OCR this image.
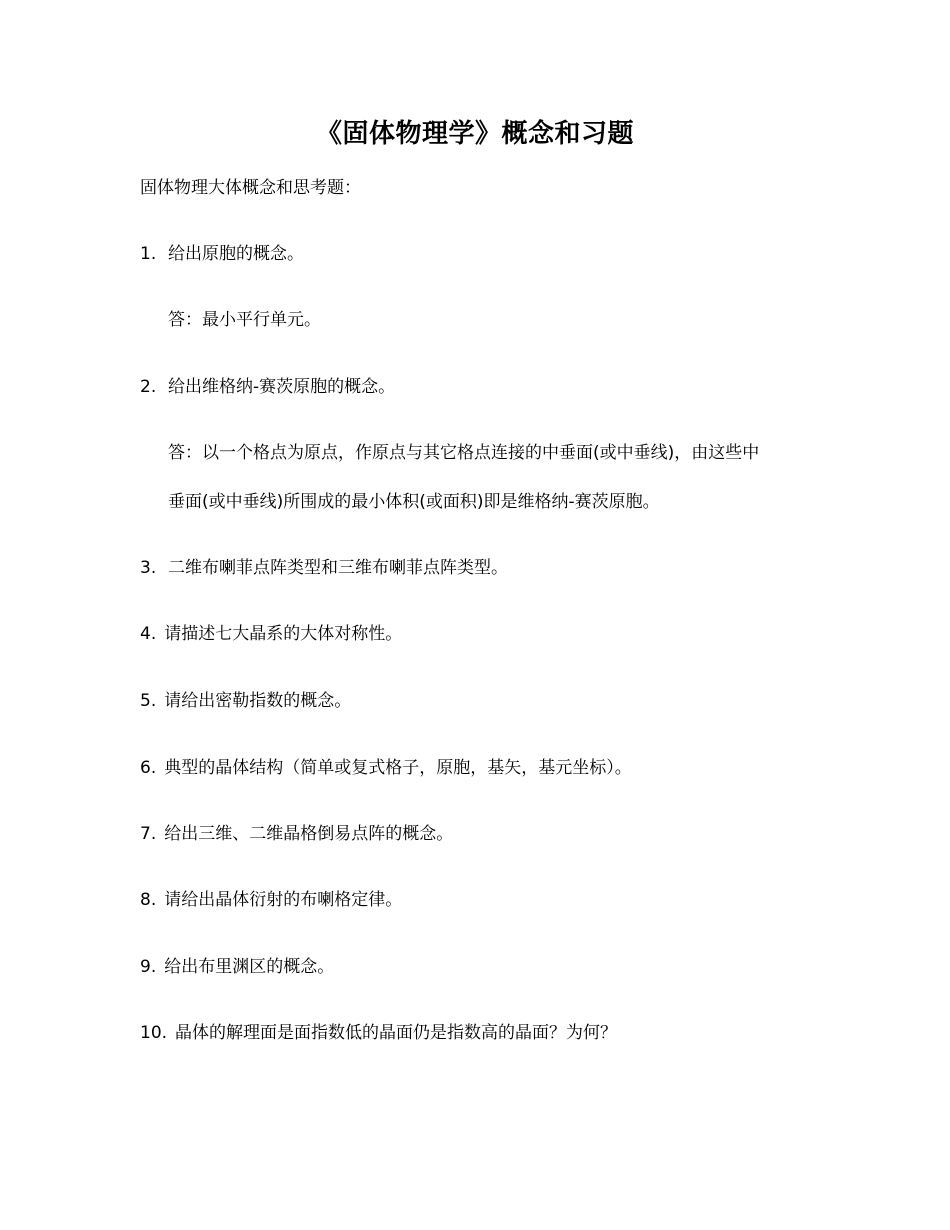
《固体物理学》概念和习题
固体物理大体概念和思考题：
1. 给出原胞的概念。
答：最小平行单元。
2. 给出维格纳-赛茨原胞的概念。
答：以一个格点为原点，作原点与其它格点连接的中垂面(或中垂线)，由这些中
垂面(或中垂线)所围成的最小体积(或面积)即是维格纳-赛茨原胞。
3. 二维布喇菲点阵类型和三维布喇菲点阵类型。
4. 请描述七大晶系的大体对称性。
5. 请给出密勒指数的概念。
6. 典型的晶体结构（简单或复式格子，原胞，基矢，基元坐标）。
7. 给出三维、二维晶格倒易点阵的概念。
8. 请给出晶体衍射的布喇格定律。
9. 给出布里渊区的概念。
10. 晶体的解理面是面指数低的晶面仍是指数高的晶面？为何？
